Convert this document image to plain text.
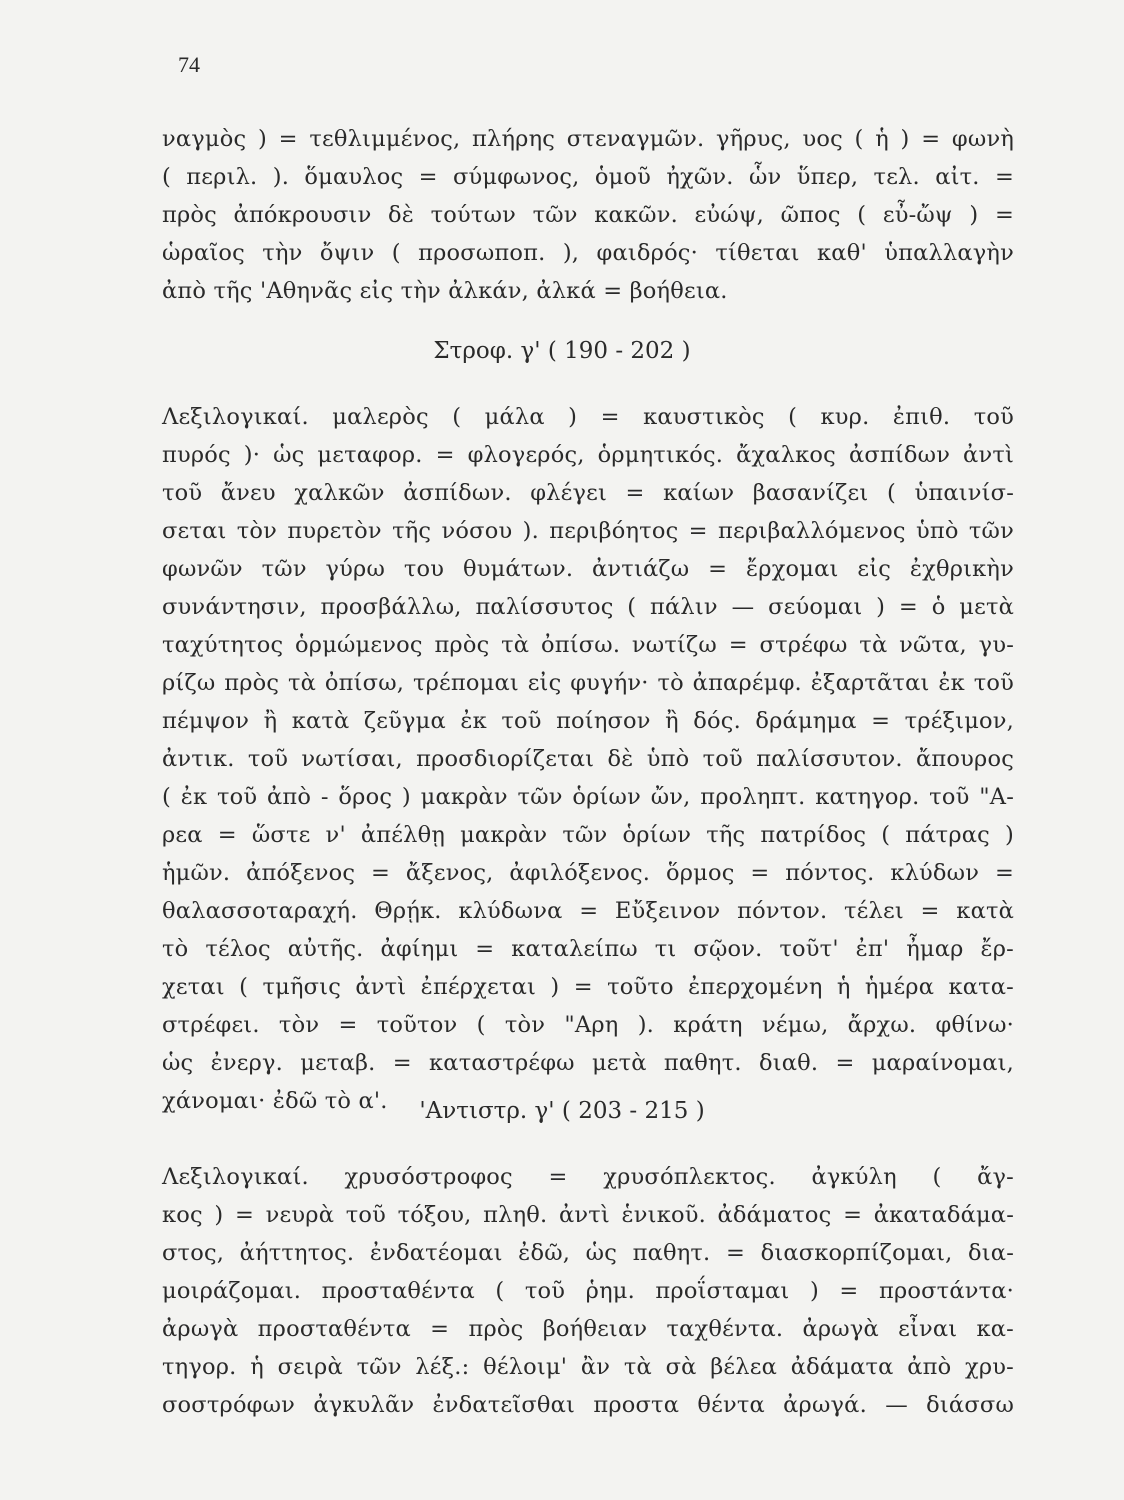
74
ναγμὸς ) = τεθλιμμένος, πλήρης στεναγμῶν. γῆρυς, υος ( ἡ ) = φωνὴ
( περιλ. ). ὅμαυλος = σύμφωνος, ὁμοῦ ἠχῶν. ὧν ὕπερ, τελ. αἰτ. =
πρὸς ἀπόκρουσιν δὲ τούτων τῶν κακῶν. εὐώψ, ῶπος ( εὖ-ὤψ ) =
ὡραῖος τὴν ὄψιν ( προσωποπ. ), φαιδρός· τίθεται καθ' ὑπαλλαγὴν
ἀπὸ τῆς 'Αθηνᾶς εἰς τὴν ἀλκάν, ἀλκά = βοήθεια.
Στροφ. γ' ( 190 - 202 )
Λεξιλογικαί. μαλερὸς ( μάλα ) = καυστικὸς ( κυρ. ἐπιθ. τοῦ
πυρός )· ὡς μεταφορ. = φλογερός, ὁρμητικός. ἄχαλκος ἀσπίδων ἀντὶ
τοῦ ἄνευ χαλκῶν ἀσπίδων. φλέγει = καίων βασανίζει ( ὑπαινίσ-
σεται τὸν πυρετὸν τῆς νόσου ). περιβόητος = περιβαλλόμενος ὑπὸ τῶν
φωνῶν τῶν γύρω του θυμάτων. ἀντιάζω = ἔρχομαι εἰς ἐχθρικὴν
συνάντησιν, προσβάλλω, παλίσσυτος ( πάλιν — σεύομαι ) = ὁ μετὰ
ταχύτητος ὁρμώμενος πρὸς τὰ ὀπίσω. νωτίζω = στρέφω τὰ νῶτα, γυ-
ρίζω πρὸς τὰ ὀπίσω, τρέπομαι εἰς φυγήν· τὸ ἀπαρέμφ. ἐξαρτᾶται ἐκ τοῦ
πέμψον ἢ κατὰ ζεῦγμα ἐκ τοῦ ποίησον ἢ δός. δράμημα = τρέξιμον,
ἀντικ. τοῦ νωτίσαι, προσδιορίζεται δὲ ὑπὸ τοῦ παλίσσυτον. ἄπουρος
( ἐκ τοῦ ἀπὸ - ὅρος ) μακρὰν τῶν ὁρίων ὤν, προληπτ. κατηγορ. τοῦ "Α-
ρεα = ὥστε ν' ἀπέλθῃ μακρὰν τῶν ὁρίων τῆς πατρίδος ( πάτρας )
ἡμῶν. ἀπόξενος = ἄξενος, ἀφιλόξενος. ὅρμος = πόντος. κλύδων =
θαλασσοταραχή. Θρῄκ. κλύδωνα = Εὔξεινον πόντον. τέλει = κατὰ
τὸ τέλος αὐτῆς. ἀφίημι = καταλείπω τι σῷον. τοῦτ' ἐπ' ἦμαρ ἔρ-
χεται ( τμῆσις ἀντὶ ἐπέρχεται ) = τοῦτο ἐπερχομένη ἡ ἡμέρα κατα-
στρέφει. τὸν = τοῦτον ( τὸν "Αρη ). κράτη νέμω, ἄρχω. φθίνω·
ὡς ἐνεργ. μεταβ. = καταστρέφω μετὰ παθητ. διαθ. = μαραίνομαι,
χάνομαι· ἐδῶ τὸ α'.	'Αντιστρ. γ' ( 203 - 215 )
Λεξιλογικαί. χρυσόστροφος = χρυσόπλεκτος. ἀγκύλη ( ἄγ-
κος ) = νευρὰ τοῦ τόξου, πληθ. ἀντὶ ἑνικοῦ. ἀδάματος = ἀκαταδάμα-
στος, ἀήττητος. ἐνδατέομαι ἐδῶ, ὡς παθητ. = διασκορπίζομαι, δια-
μοιράζομαι. προσταθέντα ( τοῦ ῥημ. προΐσταμαι ) = προστάντα·
ἀρωγὰ προσταθέντα = πρὸς βοήθειαν ταχθέντα. ἀρωγὰ εἶναι κα-
τηγορ. ἡ σειρὰ τῶν λέξ.: θέλοιμ' ἂν τὰ σὰ βέλεα ἀδάματα ἀπὸ χρυ-
σοστρόφων ἀγκυλᾶν ἐνδατεῖσθαι προστα θέντα ἀρωγά. — διάσσω
